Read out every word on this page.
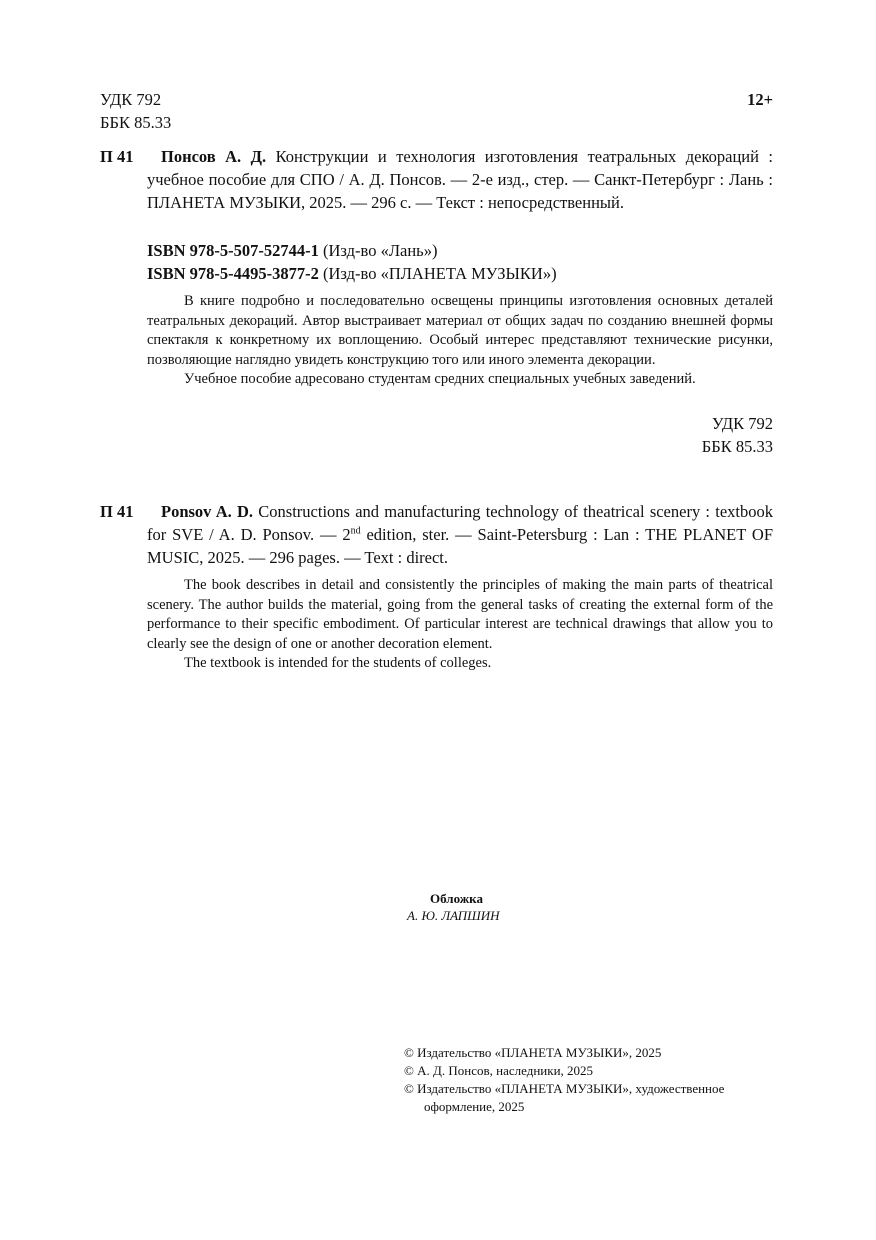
УДК 792
ББК 85.33
12+
П 41	Понсов А. Д. Конструкции и технология изготовления театральных декораций : учебное пособие для СПО / А. Д. Понсов. — 2-е изд., стер. — Санкт-Петербург : Лань : ПЛАНЕТА МУЗЫКИ, 2025. — 296 с. — Текст : непосредственный.
ISBN 978-5-507-52744-1 (Изд-во «Лань»)
ISBN 978-5-4495-3877-2 (Изд-во «ПЛАНЕТА МУЗЫКИ»)

В книге подробно и последовательно освещены принципы изготовления основных деталей театральных декораций. Автор выстраивает материал от общих задач по созданию внешней формы спектакля к конкретному их воплощению. Особый интерес представляют технические рисунки, позволяющие наглядно увидеть конструкцию того или иного элемента декорации.

Учебное пособие адресовано студентам средних специальных учебных заведений.

УДК 792
ББК 85.33
П 41	Ponsov A. D. Constructions and manufacturing technology of theatrical scenery : textbook for SVE / A. D. Ponsov. — 2nd edition, ster. — Saint-Petersburg : Lan : THE PLANET OF MUSIC, 2025. — 296 pages. — Text : direct.

The book describes in detail and consistently the principles of making the main parts of theatrical scenery. The author builds the material, going from the general tasks of creating the external form of the performance to their specific embodiment. Of particular interest are technical drawings that allow you to clearly see the design of one or another decoration element.

The textbook is intended for the students of colleges.

Обложка
А. Ю. ЛАПШИН
© Издательство «ПЛАНЕТА МУЗЫКИ», 2025
© А. Д. Понсов, наследники, 2025
© Издательство «ПЛАНЕТА МУЗЫКИ», художественное оформление, 2025
